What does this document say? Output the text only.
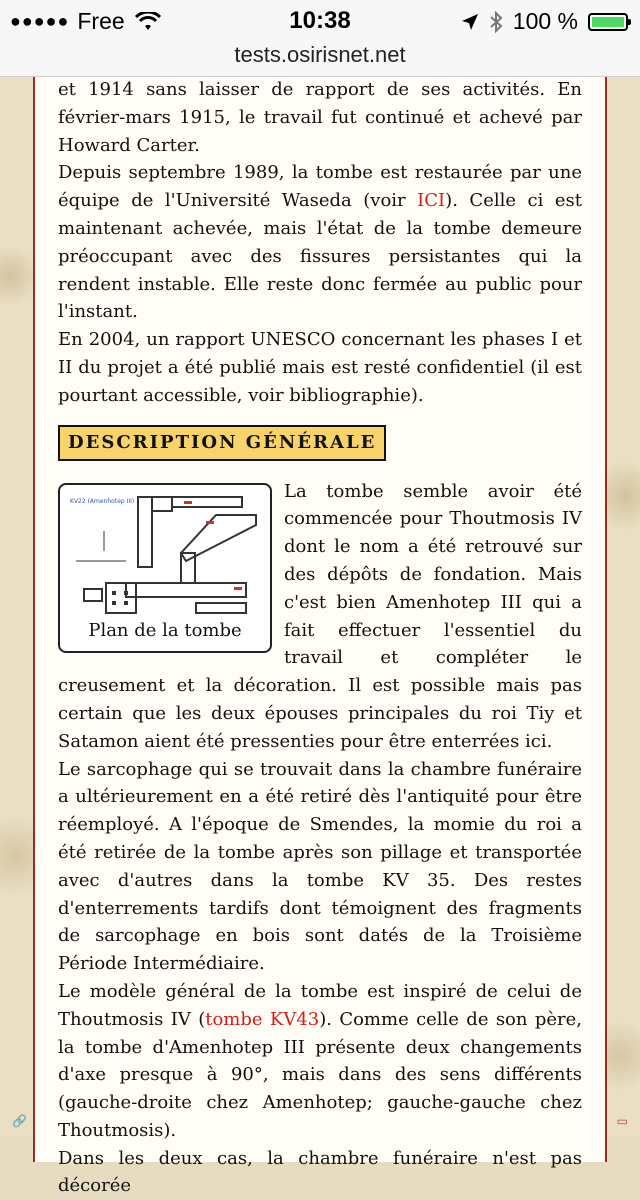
●●●●● Free	10:38	100 %
tests.osirisnet.net

et 1914 sans laisser de rapport de ses activités. En février-mars 1915, le travail fut continué et achevé par Howard Carter.

Depuis septembre 1989, la tombe est restaurée par une équipe de l'Université Waseda (voir ICI). Celle ci est maintenant achevée, mais l'état de la tombe demeure préoccupant avec des fissures persistantes qui la rendent instable. Elle reste donc fermée au public pour l'instant.

En 2004, un rapport UNESCO concernant les phases I et II du projet a été publié mais est resté confidentiel (il est pourtant accessible, voir bibliographie).

DESCRIPTION GÉNÉRALE
KV22 (Amenhotep III)
Plan de la tombe

La tombe semble avoir été commencée pour Thoutmosis IV dont le nom a été retrouvé sur des dépôts de fondation. Mais c'est bien Amenhotep III qui a fait effectuer l'essentiel du travail et compléter le creusement et la décoration. Il est possible mais pas certain que les deux épouses principales du roi Tiy et Satamon aient été pressenties pour être enterrées ici.

Le sarcophage qui se trouvait dans la chambre funéraire a ultérieurement en a été retiré dès l'antiquité pour être réemployé. A l'époque de Smendes, la momie du roi a été retirée de la tombe après son pillage et transportée avec d'autres dans la tombe KV 35. Des restes d'enterrements tardifs dont témoignent des fragments de sarcophage en bois sont datés de la Troisième Période Intermédiaire.

Le modèle général de la tombe est inspiré de celui de Thoutmosis IV (tombe KV43). Comme celle de son père, la tombe d'Amenhotep III présente deux changements d'axe presque à 90°, mais dans des sens différents (gauche-droite chez Amenhotep; gauche-gauche chez Thoutmosis).

Dans les deux cas, la chambre funéraire n'est pas décorée

🔗	▭
